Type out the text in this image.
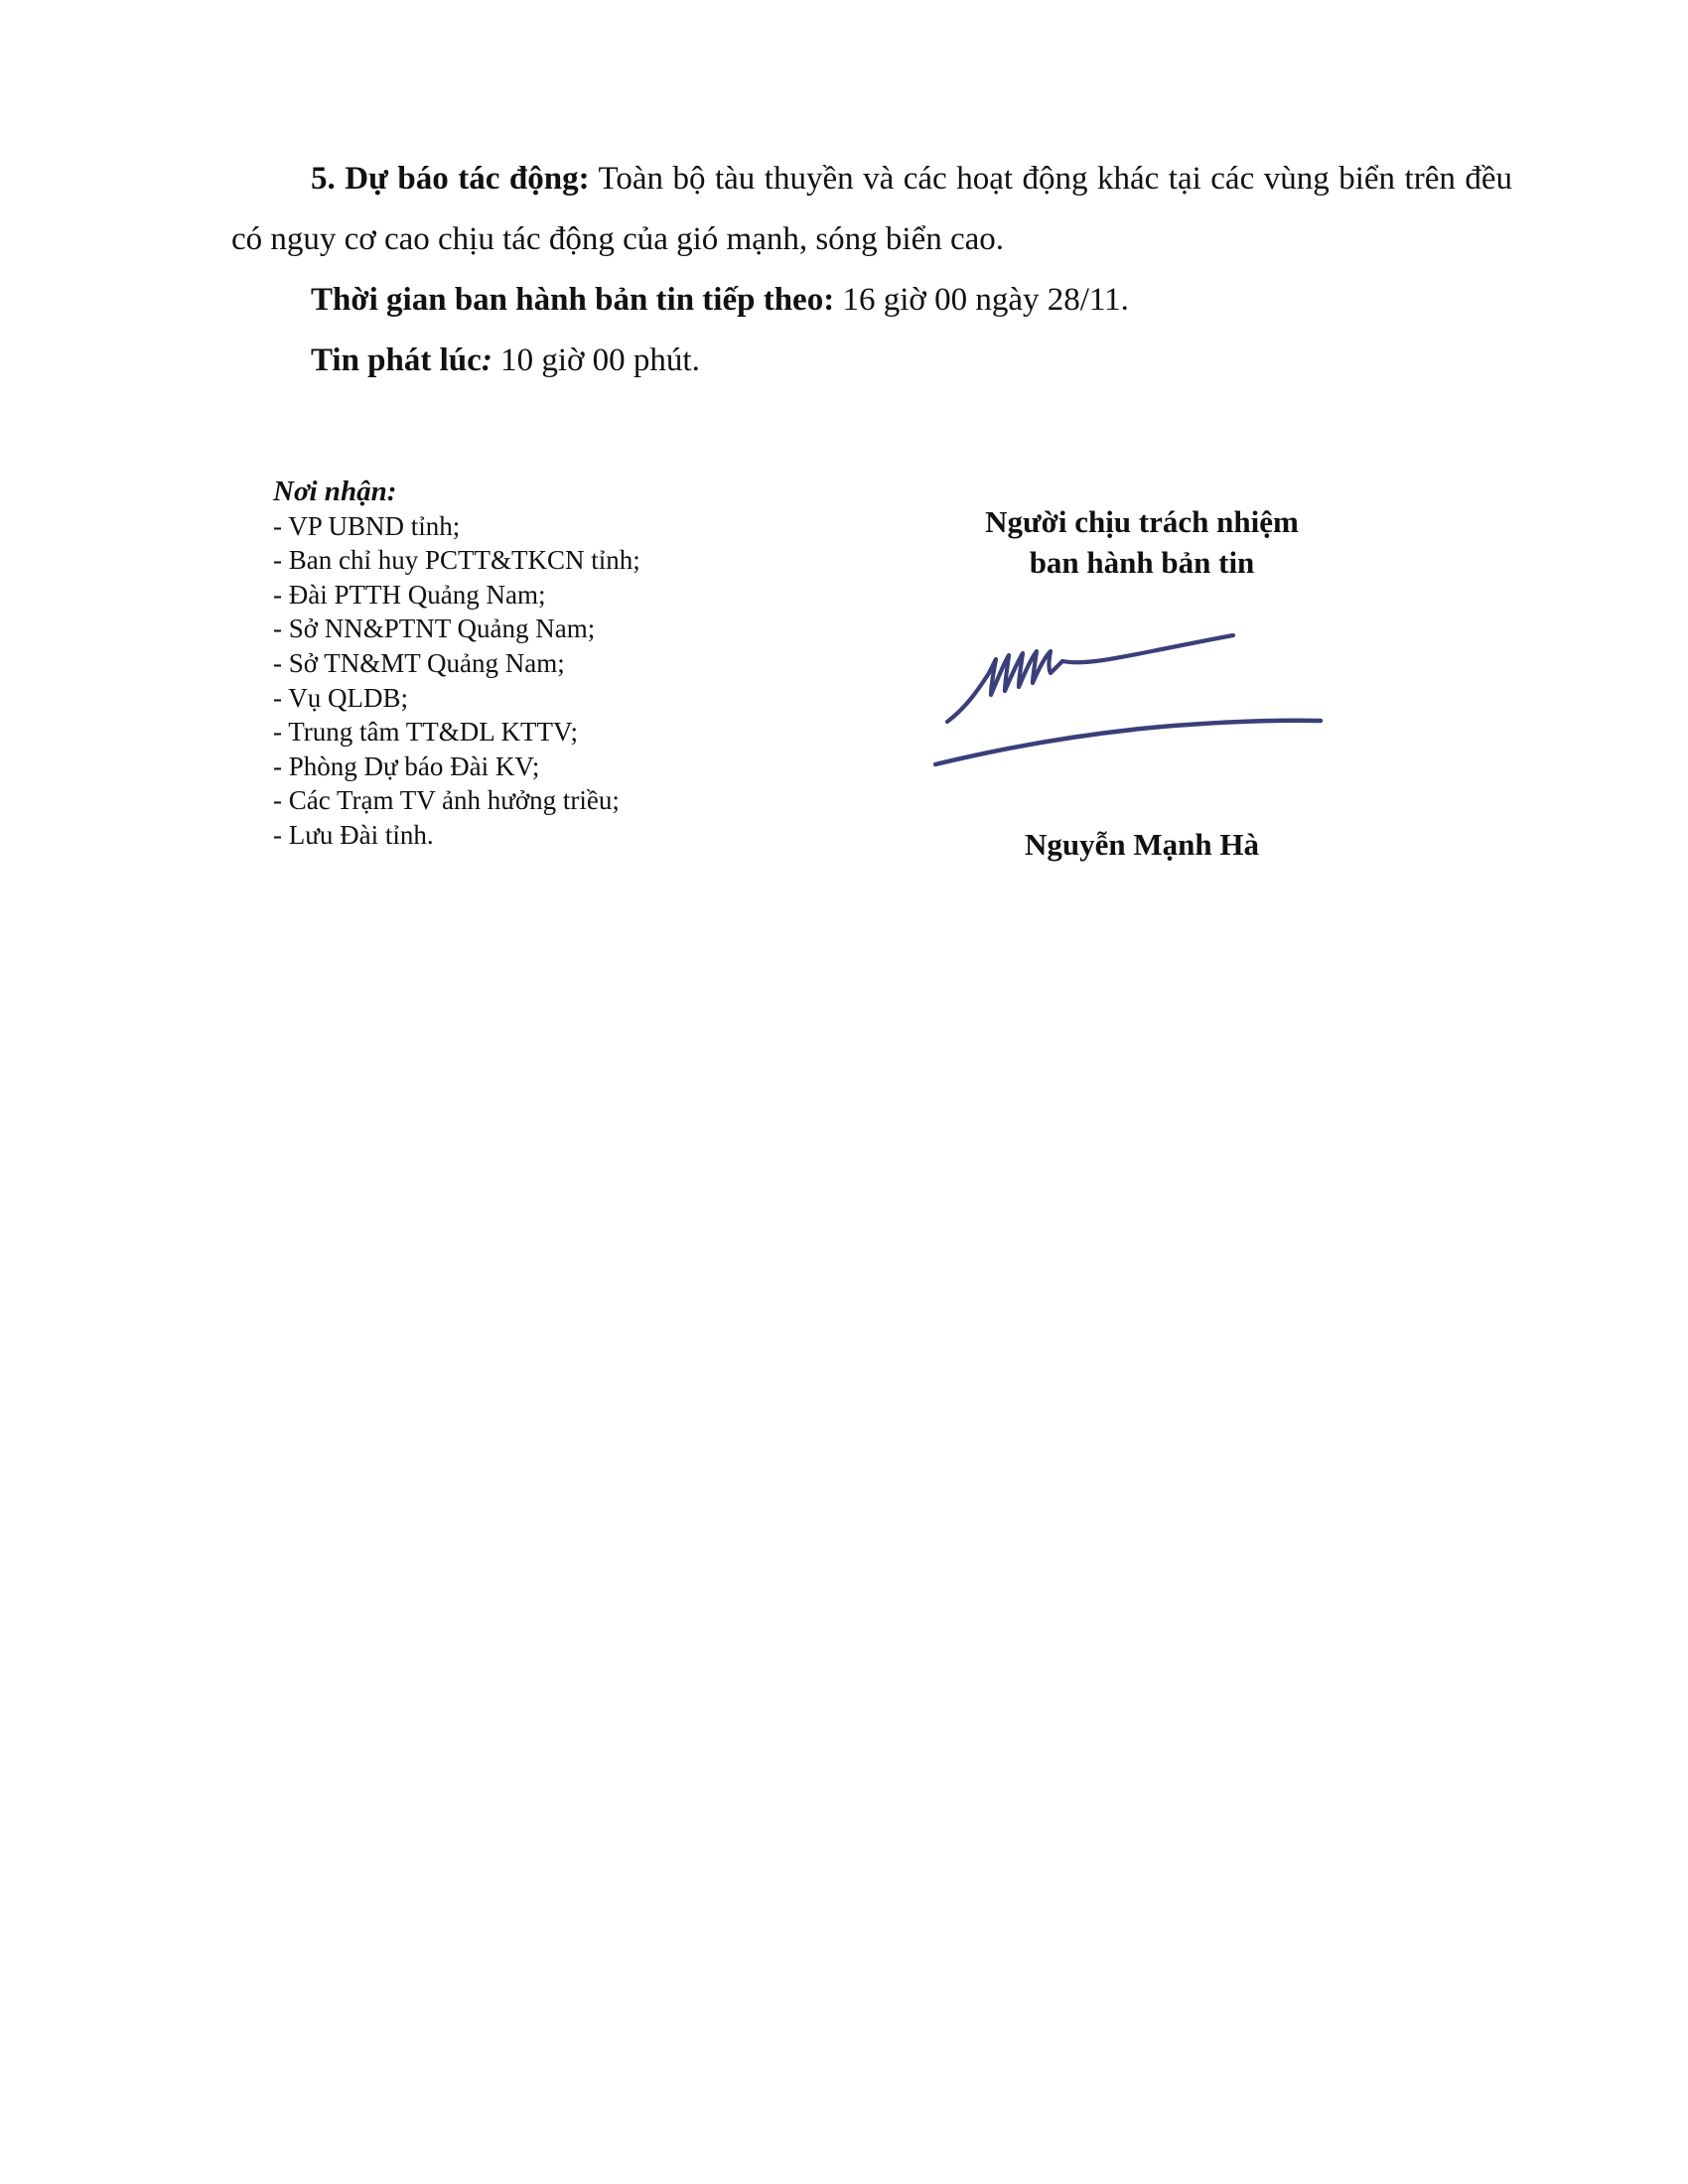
5. Dự báo tác động: Toàn bộ tàu thuyền và các hoạt động khác tại các vùng biển trên đều có nguy cơ cao chịu tác động của gió mạnh, sóng biển cao.

Thời gian ban hành bản tin tiếp theo: 16 giờ 00 ngày 28/11.

Tin phát lúc: 10 giờ 00 phút.

Nơi nhận:

- VP UBND tỉnh;
- Ban chỉ huy PCTT&TKCN tỉnh;
- Đài PTTH Quảng Nam;
- Sở NN&PTNT Quảng Nam;
- Sở TN&MT Quảng Nam;
- Vụ QLDB;
- Trung tâm TT&DL KTTV;
- Phòng Dự báo Đài KV;
- Các Trạm TV ảnh hưởng triều;
- Lưu Đài tỉnh.
Người chịu trách nhiệm
ban hành bản tin
Nguyễn Mạnh Hà
